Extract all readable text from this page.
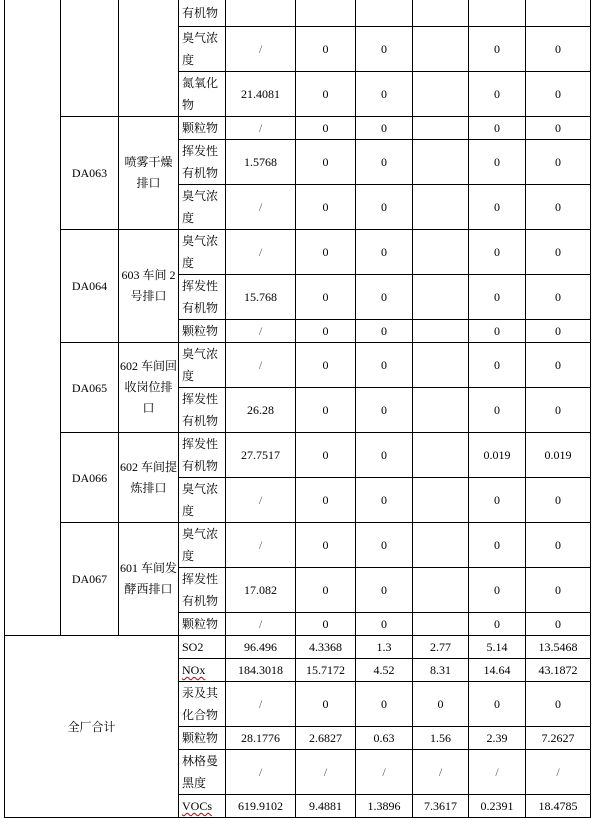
			有机物						
			臭气浓度	/	0	0		0	0
			氮氧化物	21.4081	0	0		0	0
	DA063	喷雾干燥排口	颗粒物	/	0	0		0	0
			挥发性有机物	1.5768	0	0		0	0
			臭气浓度	/	0	0		0	0
	DA064	603 车间 2 号排口	臭气浓度	/	0	0		0	0
			挥发性有机物	15.768	0	0		0	0
			颗粒物	/	0	0		0	0
	DA065	602 车间回收岗位排口	臭气浓度	/	0	0		0	0
			挥发性有机物	26.28	0	0		0	0
	DA066	602 车间提炼排口	挥发性有机物	27.7517	0	0		0.019	0.019
			臭气浓度	/	0	0		0	0
	DA067	601 车间发酵西排口	臭气浓度	/	0	0		0	0
			挥发性有机物	17.082	0	0		0	0
			颗粒物	/	0	0		0	0
全厂合计			SO2	96.496	4.3368	1.3	2.77	5.14	13.5468
			NOx	184.3018	15.7172	4.52	8.31	14.64	43.1872
			汞及其化合物	/	0	0	0	0	0
			颗粒物	28.1776	2.6827	0.63	1.56	2.39	7.2627
			林格曼黑度	/	/	/	/	/	/
			VOCs	619.9102	9.4881	1.3896	7.3617	0.2391	18.4785
